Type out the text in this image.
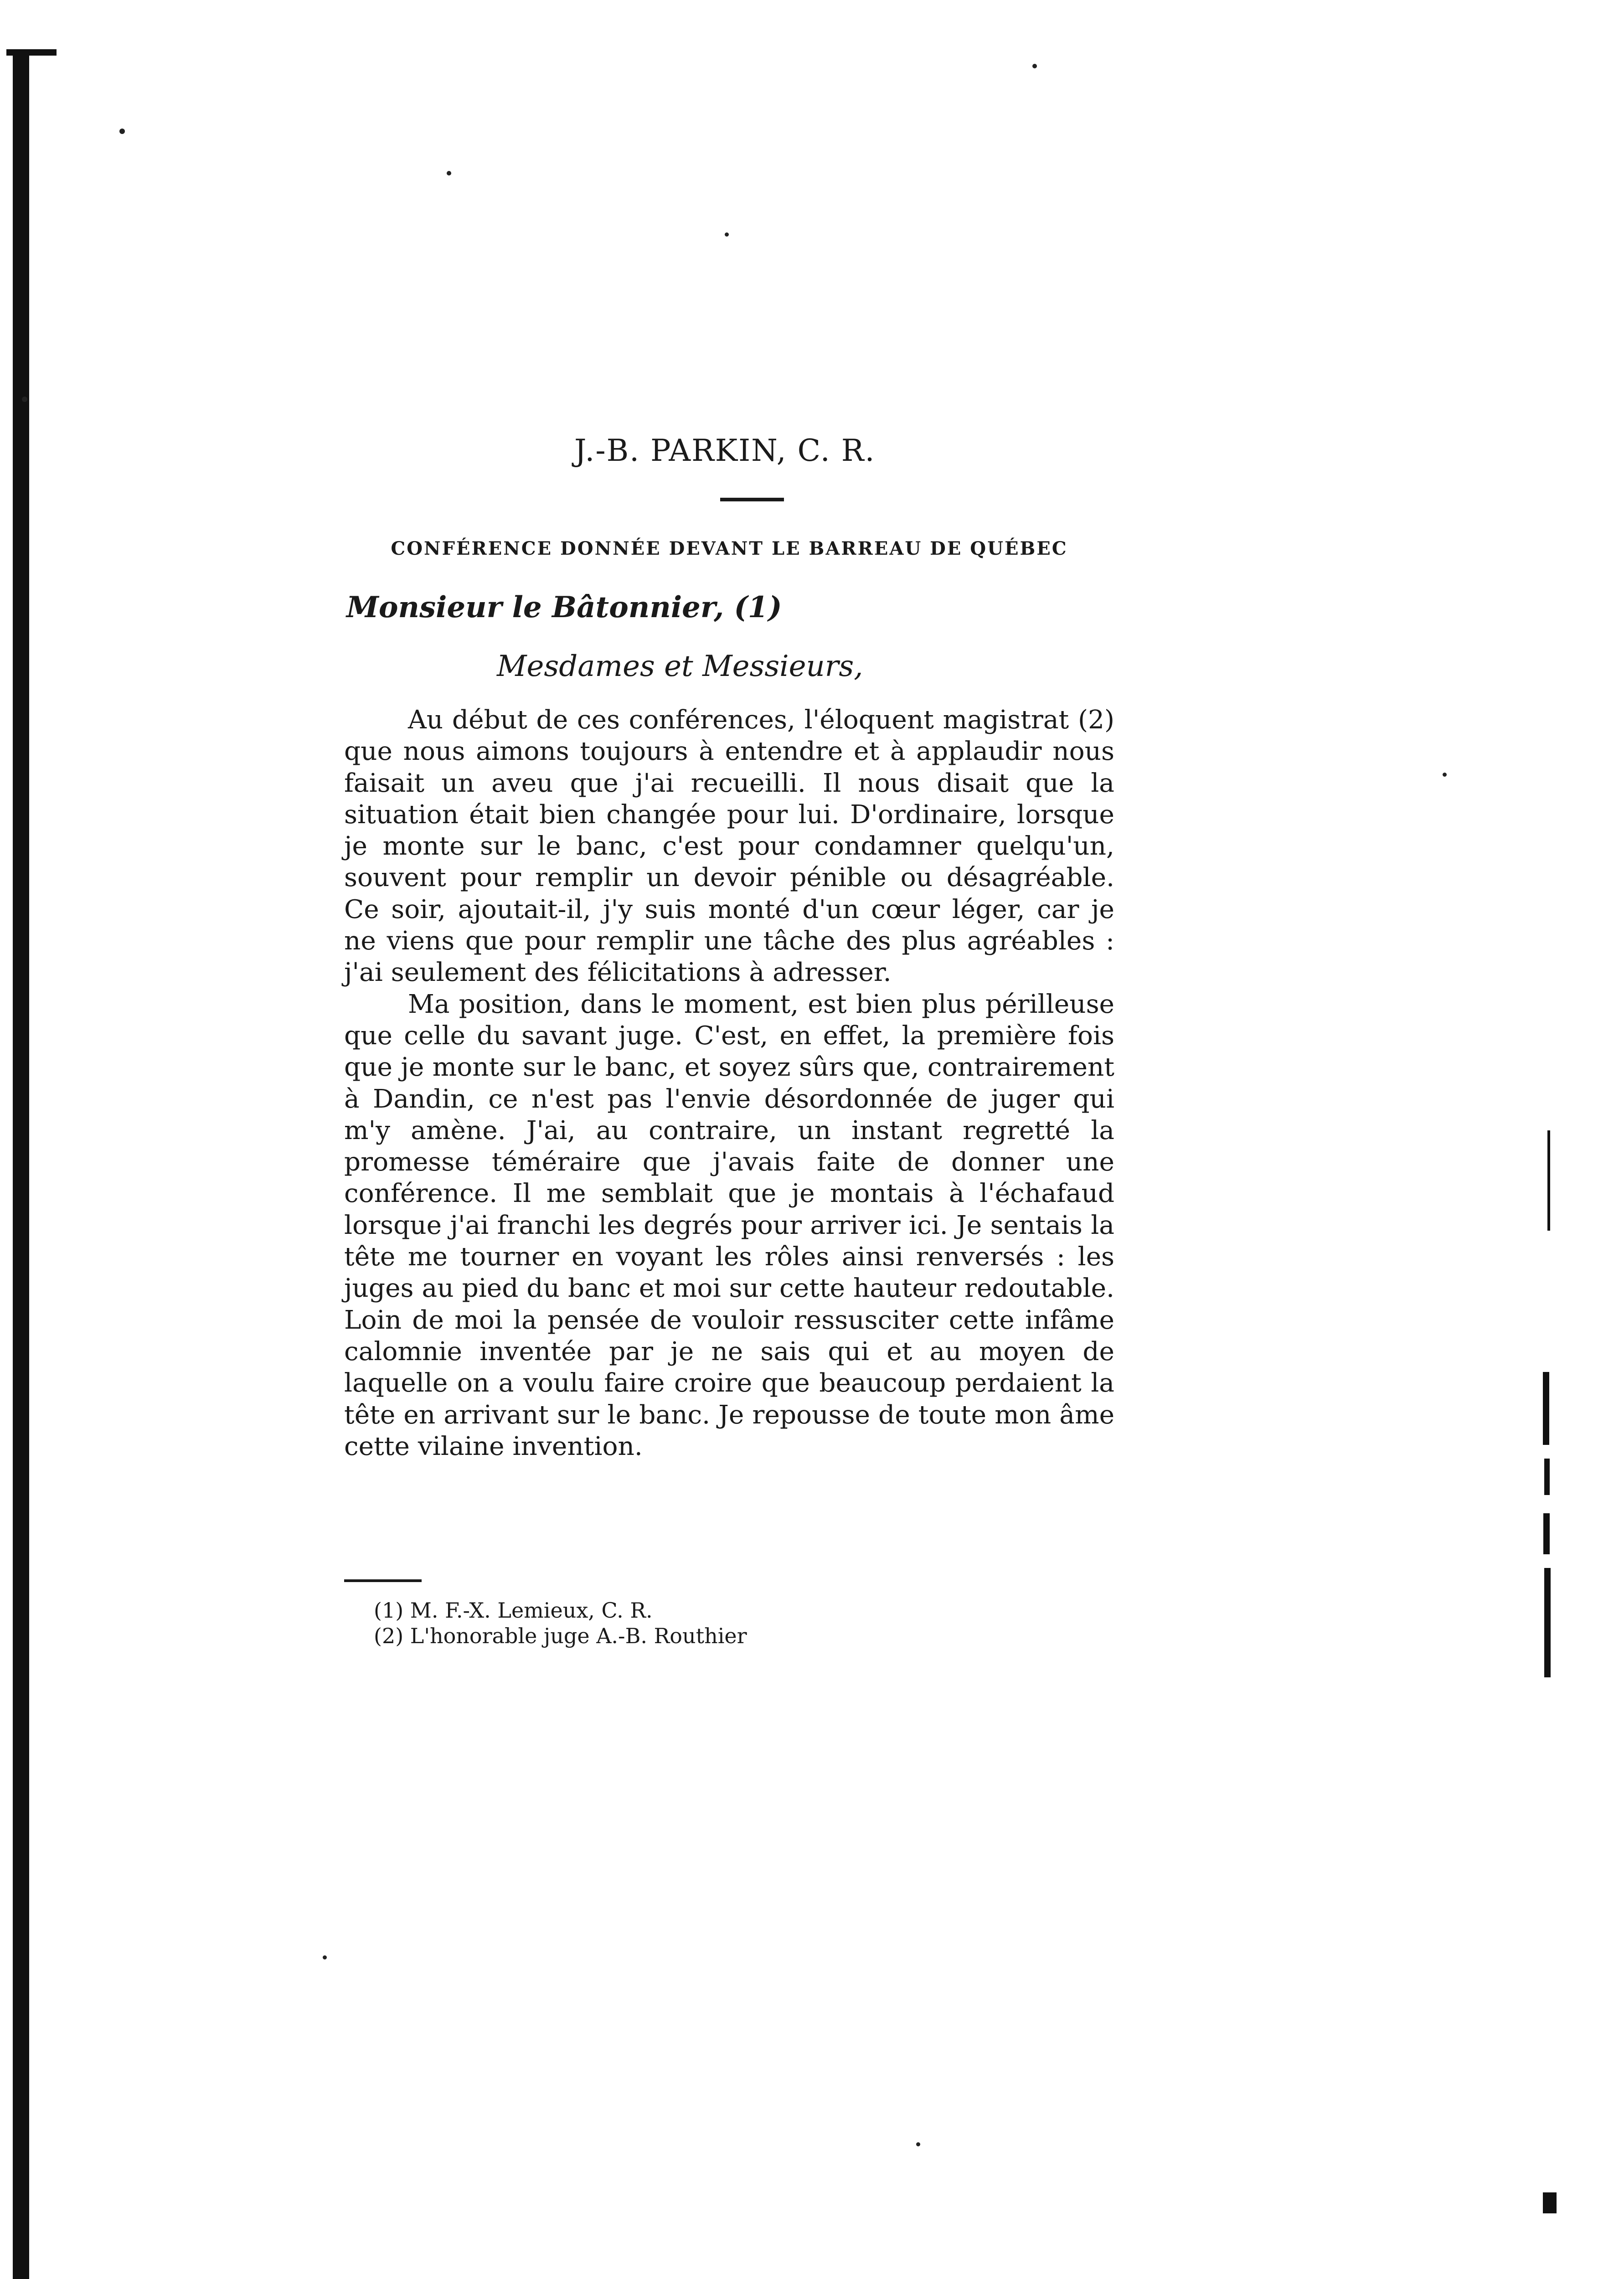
J.-B. PARKIN, C. R.
CONFÉRENCE DONNÉE DEVANT LE BARREAU DE QUÉBEC
Monsieur le Bâtonnier, (1)
Mesdames et Messieurs,

Au début de ces conférences, l'éloquent magistrat (2) que nous aimons toujours à entendre et à applaudir nous faisait un aveu que j'ai recueilli. Il nous disait que la situation était bien changée pour lui. D'ordinaire, lorsque je monte sur le banc, c'est pour condamner quelqu'un, souvent pour remplir un devoir pénible ou désagréable. Ce soir, ajoutait-il, j'y suis monté d'un cœur léger, car je ne viens que pour remplir une tâche des plus agréables : j'ai seulement des félicitations à adresser.

Ma position, dans le moment, est bien plus périlleuse que celle du savant juge. C'est, en effet, la première fois que je monte sur le banc, et soyez sûrs que, contrairement à Dandin, ce n'est pas l'envie désordonnée de juger qui m'y amène. J'ai, au contraire, un instant regretté la promesse téméraire que j'avais faite de donner une conférence. Il me semblait que je montais à l'échafaud lorsque j'ai franchi les degrés pour arriver ici. Je sentais la tête me tourner en voyant les rôles ainsi renversés : les juges au pied du banc et moi sur cette hauteur redoutable. Loin de moi la pensée de vouloir ressusciter cette infâme calomnie inventée par je ne sais qui et au moyen de laquelle on a voulu faire croire que beaucoup perdaient la tête en arrivant sur le banc. Je repousse de toute mon âme cette vilaine invention.

(1) M. F.-X. Lemieux, C. R.
(2) L'honorable juge A.-B. Routhier
